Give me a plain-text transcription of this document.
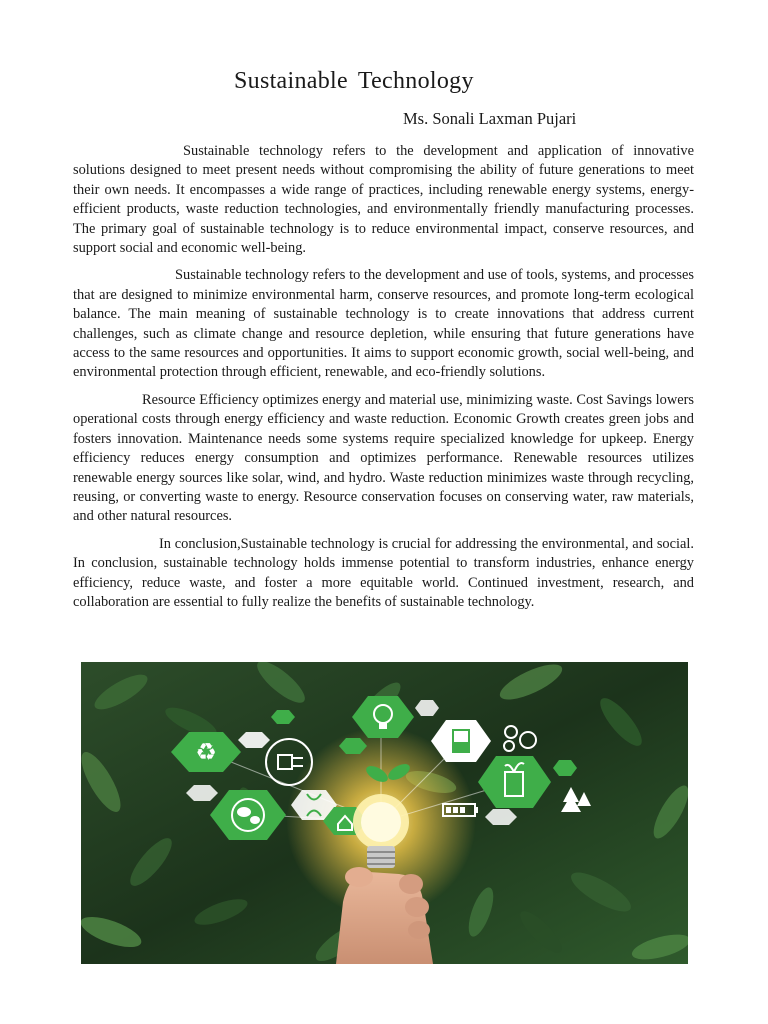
Sustainable Technology
Ms. Sonali Laxman Pujari

Sustainable technology refers to the development and application of innovative solutions designed to meet present needs without compromising the ability of future generations to meet their own needs. It encompasses a wide range of practices, including renewable energy systems, energy-efficient products, waste reduction technologies, and environmentally friendly manufacturing processes. The primary goal of sustainable technology is to reduce environmental impact, conserve resources, and support social and economic well-being.

Sustainable technology refers to the development and use of tools, systems, and processes that are designed to minimize environmental harm, conserve resources, and promote long-term ecological balance. The main meaning of sustainable technology is to create innovations that address current challenges, such as climate change and resource depletion, while ensuring that future generations have access to the same resources and opportunities. It aims to support economic growth, social well-being, and environmental protection through efficient, renewable, and eco-friendly solutions.

Resource Efficiency optimizes energy and material use, minimizing waste. Cost Savings lowers operational costs through energy efficiency and waste reduction. Economic Growth creates green jobs and fosters innovation. Maintenance needs some systems require specialized knowledge for upkeep. Energy efficiency reduces energy consumption and optimizes performance. Renewable resources utilizes renewable energy sources like solar, wind, and hydro. Waste reduction minimizes waste through recycling, reusing, or converting waste to energy. Resource conservation focuses on conserving water, raw materials, and other natural resources.

In conclusion,Sustainable technology is crucial for addressing the environmental, and social. In conclusion, sustainable technology holds immense potential to transform industries, enhance energy efficiency, reduce waste, and foster a more equitable world. Continued investment, research, and collaboration are essential to fully realize the benefits of sustainable technology.

♻
